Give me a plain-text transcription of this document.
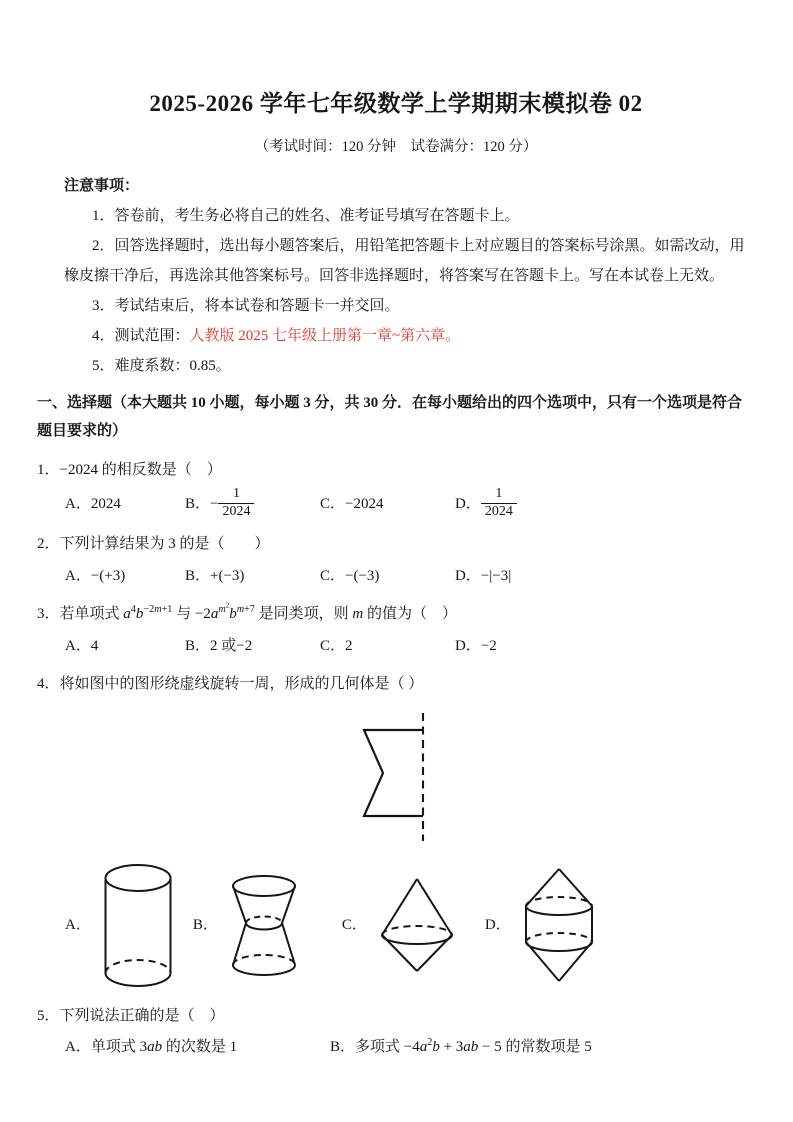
2025-2026 学年七年级数学上学期期末模拟卷 02
（考试时间：120 分钟　试卷满分：120 分）
注意事项：
1．答卷前，考生务必将自己的姓名、准考证号填写在答题卡上。
2．回答选择题时，选出每小题答案后，用铅笔把答题卡上对应题目的答案标号涂黑。如需改动，用橡皮擦干净后，再选涂其他答案标号。回答非选择题时，将答案写在答题卡上。写在本试卷上无效。
3．考试结束后，将本试卷和答题卡一并交回。
4．测试范围：人教版 2025 七年级上册第一章~第六章。
5．难度系数：0.85。
一、选择题（本大题共 10 小题，每小题 3 分，共 30 分．在每小题给出的四个选项中，只有一个选项是符合题目要求的）
1．−2024 的相反数是（　）
A．2024	B．− $\frac{1}{2024}$	C．−2024	D． $\frac{1}{2024}$
2．下列计算结果为 3 的是（　　）
A．−(+3)	B．+(−3)	C．−(−3)	D．−|−3|
3．若单项式 $a^4b^{-2m+1}$ 与 $-2a^{m^2}b^{m+7}$ 是同类项，则 m 的值为（　）
A．4	B．2 或−2	C．2	D．−2
4．将如图中的图形绕虚线旋转一周，形成的几何体是（ ）
A．	B．	C．	D．
5．下列说法正确的是（　）
A．单项式 3ab 的次数是 1	B．多项式 $-4a^2b + 3ab - 5$ 的常数项是 5
